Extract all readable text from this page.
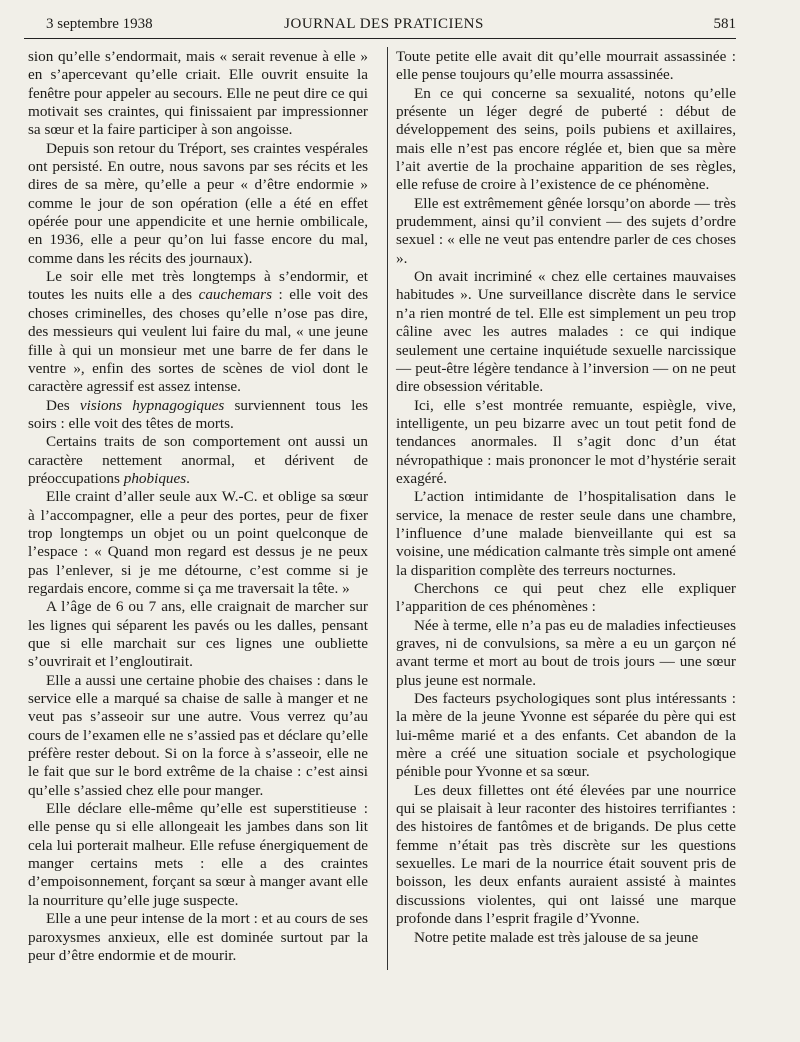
3 septembre 1938	JOURNAL DES PRATICIENS	581

sion qu’elle s’endormait, mais « serait revenue à elle » en s’apercevant qu’elle criait. Elle ouvrit ensuite la fenêtre pour appeler au secours. Elle ne peut dire ce qui motivait ses craintes, qui finissaient par impressionner sa sœur et la faire participer à son angoisse.

Depuis son retour du Tréport, ses craintes vespérales ont persisté. En outre, nous savons par ses récits et les dires de sa mère, qu’elle a peur « d’être endormie » comme le jour de son opération (elle a été en effet opérée pour une appendicite et une hernie ombilicale, en 1936, elle a peur qu’on lui fasse encore du mal, comme dans les récits des journaux).

Le soir elle met très longtemps à s’endormir, et toutes les nuits elle a des cauchemars : elle voit des choses criminelles, des choses qu’elle n’ose pas dire, des messieurs qui veulent lui faire du mal, « une jeune fille à qui un monsieur met une barre de fer dans le ventre », enfin des sortes de scènes de viol dont le caractère agressif est assez intense.

Des visions hypnagogiques surviennent tous les soirs : elle voit des têtes de morts.

Certains traits de son comportement ont aussi un caractère nettement anormal, et dérivent de préoccupations phobiques.

Elle craint d’aller seule aux W.-C. et oblige sa sœur à l’accompagner, elle a peur des portes, peur de fixer trop longtemps un objet ou un point quelconque de l’espace : « Quand mon regard est dessus je ne peux pas l’enlever, si je me détourne, c’est comme si je regardais encore, comme si ça me traversait la tête. »

A l’âge de 6 ou 7 ans, elle craignait de marcher sur les lignes qui séparent les pavés ou les dalles, pensant que si elle marchait sur ces lignes une oubliette s’ouvrirait et l’engloutirait.

Elle a aussi une certaine phobie des chaises : dans le service elle a marqué sa chaise de salle à manger et ne veut pas s’asseoir sur une autre. Vous verrez qu’au cours de l’examen elle ne s’assied pas et déclare qu’elle préfère rester debout. Si on la force à s’asseoir, elle ne le fait que sur le bord extrême de la chaise : c’est ainsi qu’elle s’assied chez elle pour manger.

Elle déclare elle-même qu’elle est superstitieuse : elle pense qu si elle allongeait les jambes dans son lit cela lui porterait malheur. Elle refuse énergiquement de manger certains mets : elle a des craintes d’empoisonnement, forçant sa sœur à manger avant elle la nourriture qu’elle juge suspecte.

Elle a une peur intense de la mort : et au cours de ses paroxysmes anxieux, elle est dominée surtout par la peur d’être endormie et de mourir.

Toute petite elle avait dit qu’elle mourrait assassinée : elle pense toujours qu’elle mourra assassinée.

En ce qui concerne sa sexualité, notons qu’elle présente un léger degré de puberté : début de développement des seins, poils pubiens et axillaires, mais elle n’est pas encore réglée et, bien que sa mère l’ait avertie de la prochaine apparition de ses règles, elle refuse de croire à l’existence de ce phénomène.

Elle est extrêmement gênée lorsqu’on aborde — très prudemment, ainsi qu’il convient — des sujets d’ordre sexuel : « elle ne veut pas entendre parler de ces choses ».

On avait incriminé « chez elle certaines mauvaises habitudes ». Une surveillance discrète dans le service n’a rien montré de tel. Elle est simplement un peu trop câline avec les autres malades : ce qui indique seulement une certaine inquiétude sexuelle narcissique — peut-être légère tendance à l’inversion — on ne peut dire obsession véritable.

Ici, elle s’est montrée remuante, espiègle, vive, intelligente, un peu bizarre avec un tout petit fond de tendances anormales. Il s’agit donc d’un état névropathique : mais prononcer le mot d’hystérie serait exagéré.

L’action intimidante de l’hospitalisation dans le service, la menace de rester seule dans une chambre, l’influence d’une malade bienveillante qui est sa voisine, une médication calmante très simple ont amené la disparition complète des terreurs nocturnes.

Cherchons ce qui peut chez elle expliquer l’apparition de ces phénomènes :

Née à terme, elle n’a pas eu de maladies infectieuses graves, ni de convulsions, sa mère a eu un garçon né avant terme et mort au bout de trois jours — une sœur plus jeune est normale.

Des facteurs psychologiques sont plus intéressants : la mère de la jeune Yvonne est séparée du père qui est lui-même marié et a des enfants. Cet abandon de la mère a créé une situation sociale et psychologique pénible pour Yvonne et sa sœur.

Les deux fillettes ont été élevées par une nourrice qui se plaisait à leur raconter des histoires terrifiantes : des histoires de fantômes et de brigands. De plus cette femme n’était pas très discrète sur les questions sexuelles. Le mari de la nourrice était souvent pris de boisson, les deux enfants auraient assisté à maintes discussions violentes, qui ont laissé une marque profonde dans l’esprit fragile d’Yvonne.

Notre petite malade est très jalouse de sa jeune
